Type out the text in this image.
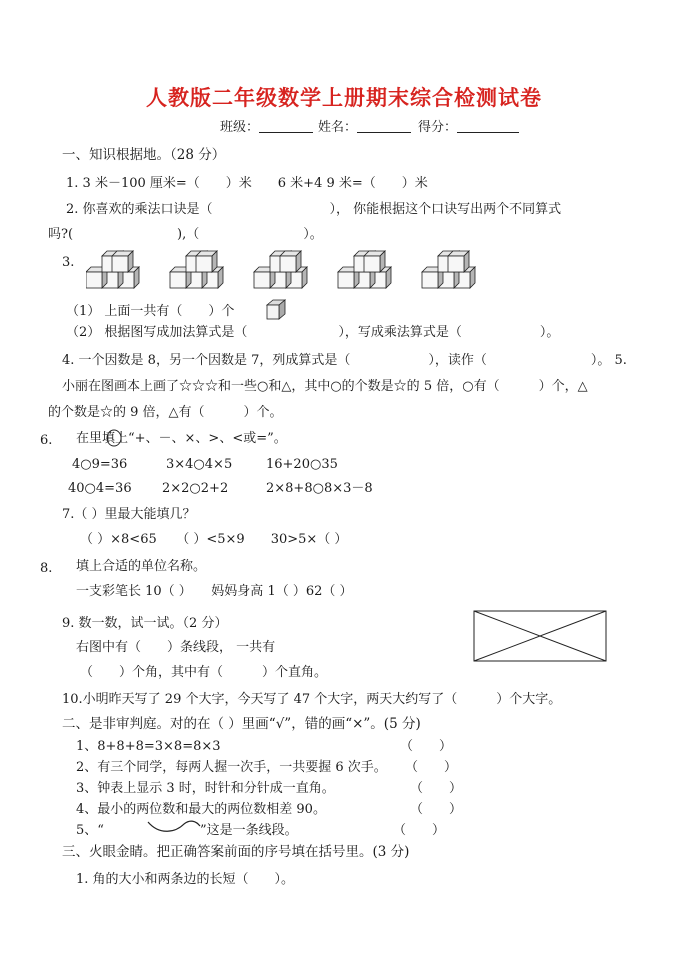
人教版二年级数学上册期末综合检测试卷
班级：	姓名：	得分：
一、知识根据地。（28 分）
1. 3 米－100 厘米=（　　）米　　6 米+4 9 米=（　　）米
2. 你喜欢的乘法口诀是（　　　　　　　　　）， 你能根据这个口诀写出两个不同算式
吗?(　　　　　　　　),（　　　　　　　　）。
3.
（1） 上面一共有（　　）个
（2） 根据图写成加法算式是（　　　　　　　），写成乘法算式是（　　　　　　）。
4. 一个因数是 8，另一个因数是 7，列成算式是（　　　　　　），读作（　　　　　　　　）。 5.
小丽在图画本上画了☆☆☆和一些○和△，其中○的个数是☆的 5 倍，○有（　　　）个，△
的个数是☆的 9 倍，△有（　　　）个。
6. 在里填上“+、－、×、>、<或=”。
4○9=36	3×4○4×5	16+20○35
40○4=36 2×2○2+2	2×8+8○8×3－8
7.（ ）里最大能填几？
（ ）×8<65　　（ ）<5×9　　30>5×（ ）
8. 填上合适的单位名称。
一支彩笔长 10（ ）　　妈妈身高 1（ ）62（ ）
9. 数一数，试一试。（2 分）
右图中有（　　）条线段， 一共有
（　　）个角，其中有（　　　）个直角。
10.小明昨天写了 29 个大字，今天写了 47 个大字，两天大约写了（　　　）个大字。
二、是非审判庭。对的在（ ）里画“√”，错的画“×”。(5 分)
1、8+8+8=3×8=8×3	（　　）
2、有三个同学，每两人握一次手，一共要握 6 次手。 （　　）
3、钟表上显示 3 时，时针和分针成一直角。	（　　）
4、最小的两位数和最大的两位数相差 90。	（　　）
5、“	”这是一条线段。	（　　）
三、火眼金睛。把正确答案前面的序号填在括号里。(3 分)
1. 角的大小和两条边的长短（　　）。
